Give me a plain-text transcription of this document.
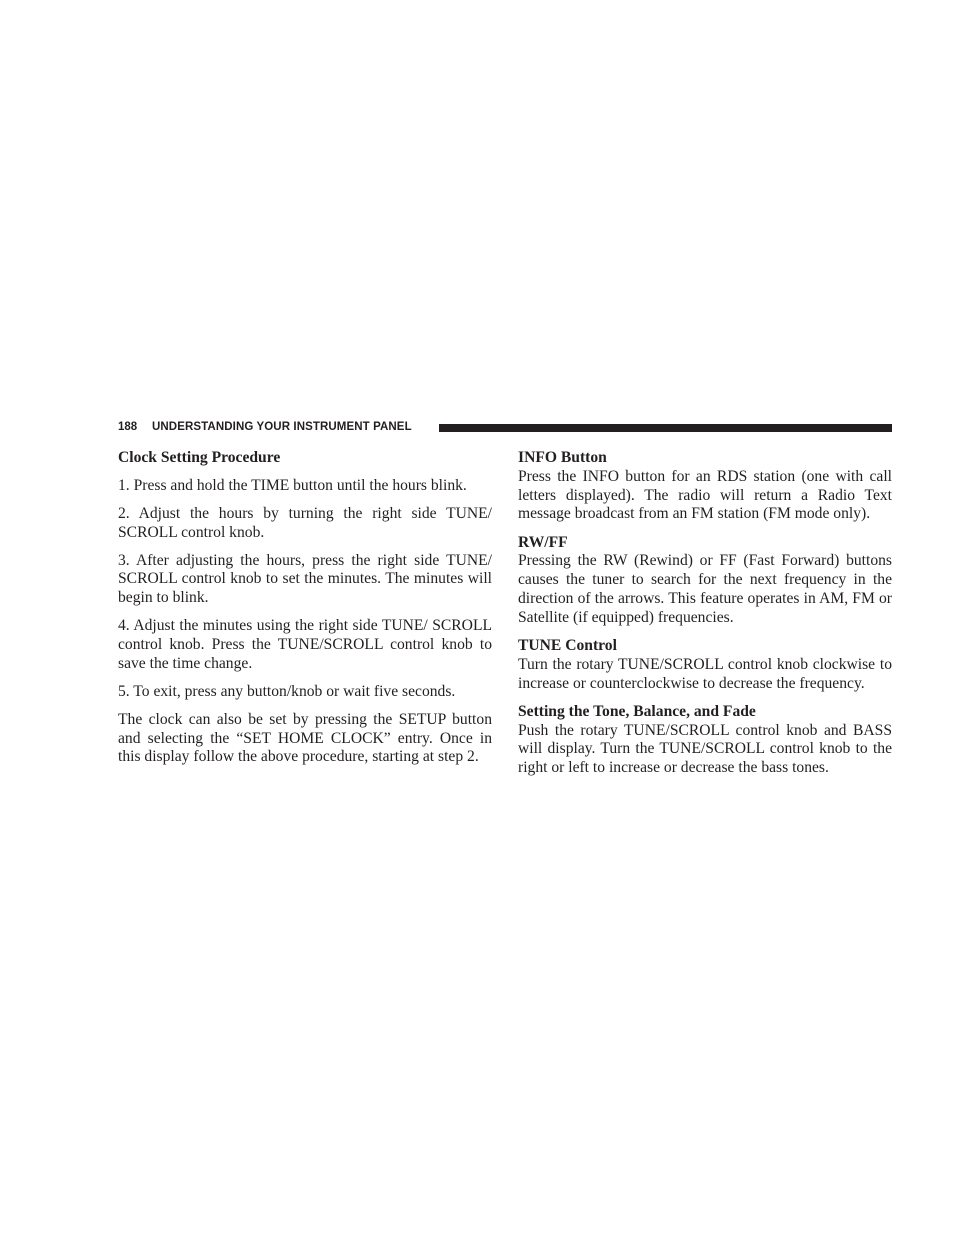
188 UNDERSTANDING YOUR INSTRUMENT PANEL
Clock Setting Procedure

1. Press and hold the TIME button until the hours blink.

2. Adjust the hours by turning the right side TUNE/ SCROLL control knob.

3. After adjusting the hours, press the right side TUNE/ SCROLL control knob to set the minutes. The minutes will begin to blink.

4. Adjust the minutes using the right side TUNE/ SCROLL control knob. Press the TUNE/SCROLL control knob to save the time change.

5. To exit, press any button/knob or wait five seconds.

The clock can also be set by pressing the SETUP button and selecting the “SET HOME CLOCK” entry. Once in this display follow the above procedure, starting at step 2.

INFO Button

Press the INFO button for an RDS station (one with call letters displayed). The radio will return a Radio Text message broadcast from an FM station (FM mode only).

RW/FF

Pressing the RW (Rewind) or FF (Fast Forward) buttons causes the tuner to search for the next frequency in the direction of the arrows. This feature operates in AM, FM or Satellite (if equipped) frequencies.

TUNE Control

Turn the rotary TUNE/SCROLL control knob clockwise to increase or counterclockwise to decrease the frequency.

Setting the Tone, Balance, and Fade

Push the rotary TUNE/SCROLL control knob and BASS will display. Turn the TUNE/SCROLL control knob to the right or left to increase or decrease the bass tones.
